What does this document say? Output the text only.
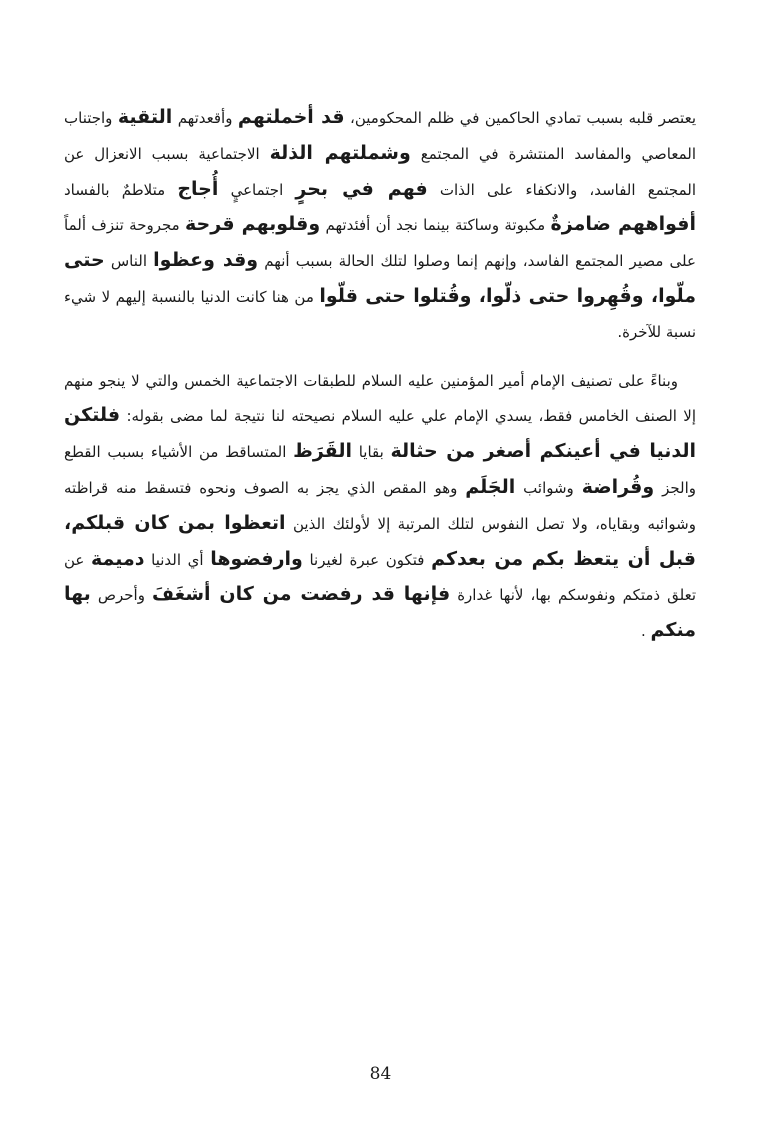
يعتصر قلبه بسبب تمادي الحاكمين في ظلم المحكومين، قد أخملتهم وأقعدتهم التقية واجتناب المعاصي والمفاسد المنتشرة في المجتمع وشملتهم الذلة الاجتماعية بسبب الانعزال عن المجتمع الفاسد، والانكفاء على الذات فهم في بحرٍ اجتماعيٍ أُجاج متلاطمٌ بالفساد أفواههم ضامزةٌ مكبوتة وساكتة بينما نجد أن أفئدتهم وقلوبهم قرحة مجروحة تنزف ألماً على مصير المجتمع الفاسد، وإنهم إنما وصلوا لتلك الحالة بسبب أنهم وقد وعظوا الناس حتى ملّوا، وقُهِروا حتى ذلّوا، وقُتلوا حتى قلّوا من هنا كانت الدنيا بالنسبة إليهم لا شيء نسبة للآخرة.

وبناءً على تصنيف الإمام أمير المؤمنين عليه السلام للطبقات الاجتماعية الخمس والتي لا ينجو منهم إلا الصنف الخامس فقط، يسدي الإمام علي عليه السلام نصيحته لنا نتيجة لما مضى بقوله: فلتكن الدنيا في أعينكم أصغر من حثالة بقايا القَرَظ المتساقط من الأشياء بسبب القطع والجز وقُراضة وشوائب الجَلَم وهو المقص الذي يجز به الصوف ونحوه فتسقط منه قراظته وشوائبه وبقاياه، ولا تصل النفوس لتلك المرتبة إلا لأولئك الذين اتعظوا بمن كان قبلكم، قبل أن يتعظ بكم من بعدكم فتكون عبرة لغيرنا وارفضوها أي الدنيا دميمة عن تعلق ذمتكم ونفوسكم بها، لأنها غدارة فإنها قد رفضت من كان أشغَفَ وأحرص بها منكم .

84
